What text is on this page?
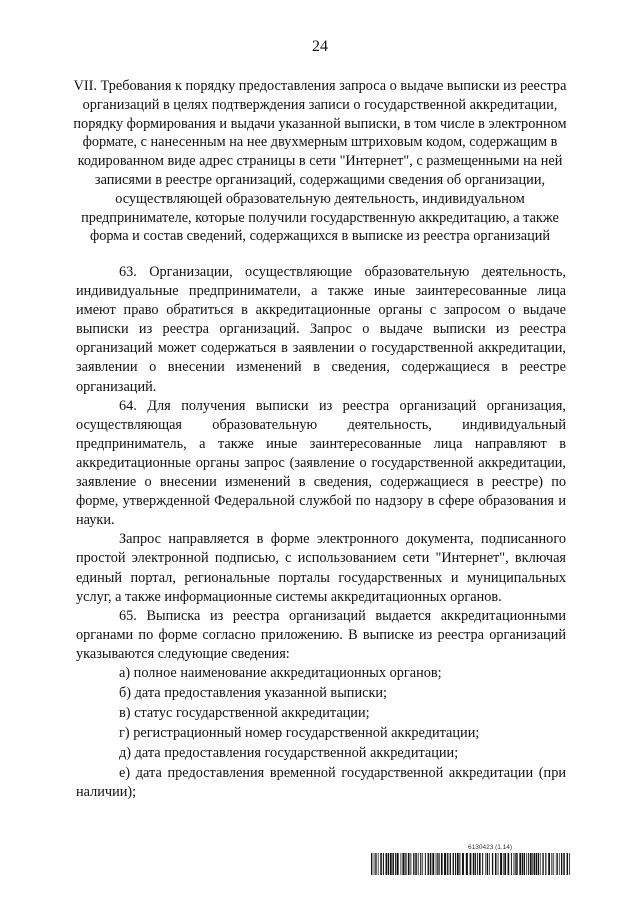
24
VII. Требования к порядку предоставления запроса о выдаче выписки из реестра организаций в целях подтверждения записи о государственной аккредитации, порядку формирования и выдачи указанной выписки, в том числе в электронном формате, с нанесенным на нее двухмерным штриховым кодом, содержащим в кодированном виде адрес страницы в сети "Интернет", с размещенными на ней записями в реестре организаций, содержащими сведения об организации, осуществляющей образовательную деятельность, индивидуальном предпринимателе, которые получили государственную аккредитацию, а также форма и состав сведений, содержащихся в выписке из реестра организаций

63. Организации, осуществляющие образовательную деятельность, индивидуальные предприниматели, а также иные заинтересованные лица имеют право обратиться в аккредитационные органы с запросом о выдаче выписки из реестра организаций. Запрос о выдаче выписки из реестра организаций может содержаться в заявлении о государственной аккредитации, заявлении о внесении изменений в сведения, содержащиеся в реестре организаций.

64. Для получения выписки из реестра организаций организация, осуществляющая образовательную деятельность, индивидуальный предприниматель, а также иные заинтересованные лица направляют в аккредитационные органы запрос (заявление о государственной аккредитации, заявление о внесении изменений в сведения, содержащиеся в реестре) по форме, утвержденной Федеральной службой по надзору в сфере образования и науки.

Запрос направляется в форме электронного документа, подписанного простой электронной подписью, с использованием сети "Интернет", включая единый портал, региональные порталы государственных и муниципальных услуг, а также информационные системы аккредитационных органов.

65. Выписка из реестра организаций выдается аккредитационными органами по форме согласно приложению. В выписке из реестра организаций указываются следующие сведения:

а) полное наименование аккредитационных органов;
б) дата предоставления указанной выписки;
в) статус государственной аккредитации;
г) регистрационный номер государственной аккредитации;
д) дата предоставления государственной аккредитации;
е) дата предоставления временной государственной аккредитации (при наличии);
6130423 (1.14)
